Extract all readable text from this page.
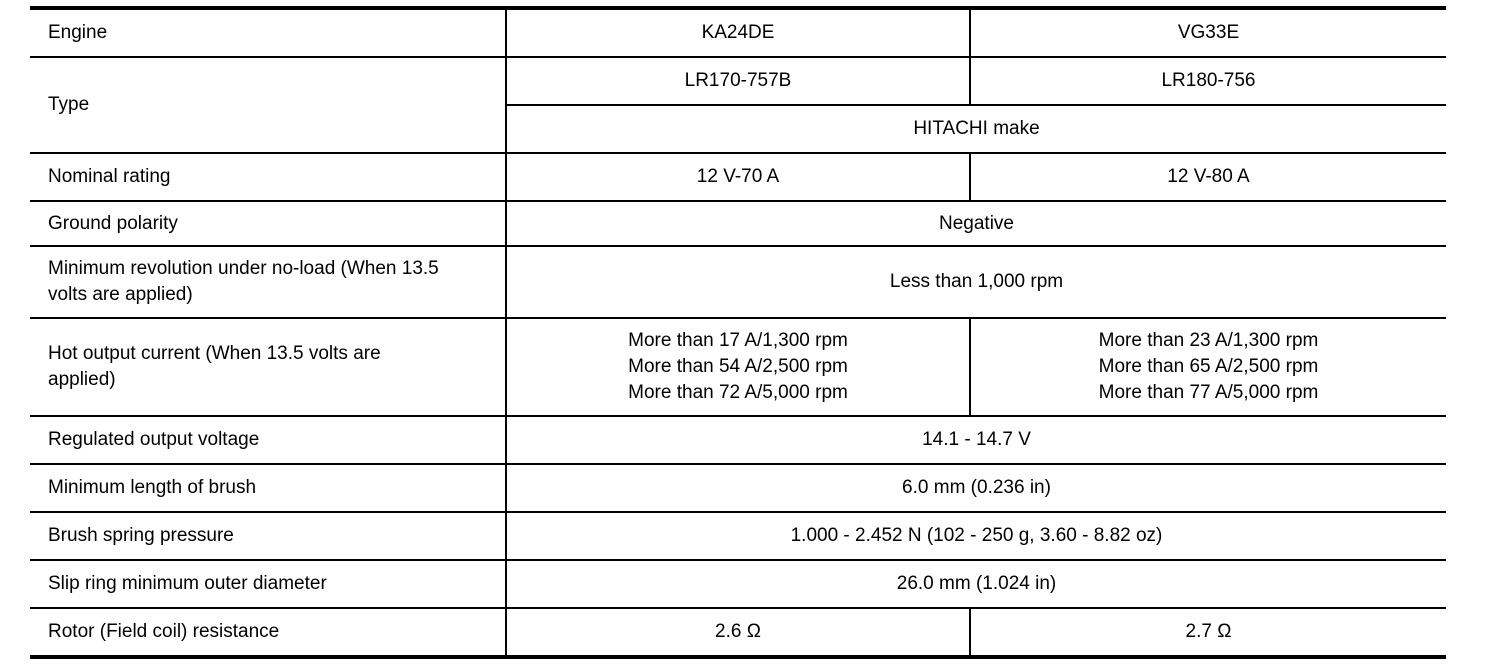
Engine	KA24DE	VG33E
Type	LR170-757B	LR180-756
	HITACHI make	
Nominal rating	12 V-70 A	12 V-80 A
Ground polarity	Negative	

Minimum revolution under no-load (When 13.5
volts are applied)	Less than 1,000 rpm	

Hot output current (When 13.5 volts are
applied)	More than 17 A/1,300 rpm
More than 54 A/2,500 rpm
More than 72 A/5,000 rpm	More than 23 A/1,300 rpm
More than 65 A/2,500 rpm
More than 77 A/5,000 rpm

Regulated output voltage	14.1 - 14.7 V	
Minimum length of brush	6.0 mm (0.236 in)	
Brush spring pressure	1.000 - 2.452 N (102 - 250 g, 3.60 - 8.82 oz)	
Slip ring minimum outer diameter	26.0 mm (1.024 in)	
Rotor (Field coil) resistance	2.6 Ω	2.7 Ω
